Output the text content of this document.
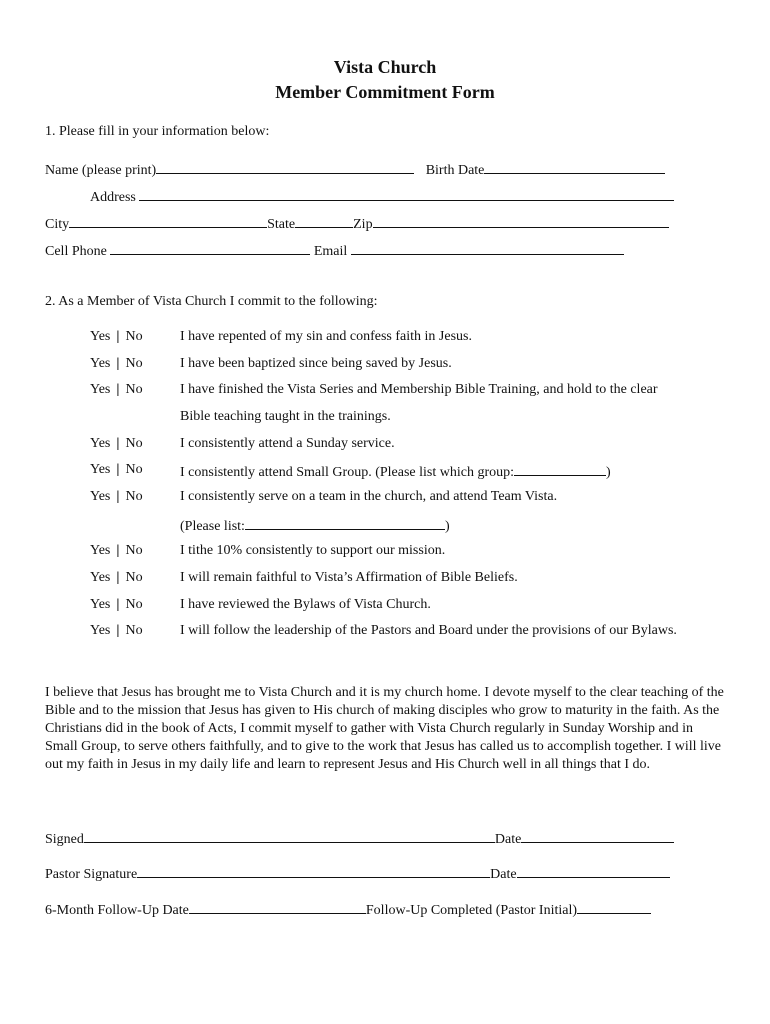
Vista Church
Member Commitment Form
1. Please fill in your information below:
Name (please print)	Birth Date
Address
City	State	Zip
Cell Phone	Email
2. As a Member of Vista Church I commit to the following:
Yes | No	I have repented of my sin and confess faith in Jesus.
Yes | No	I have been baptized since being saved by Jesus.
Yes | No	I have finished the Vista Series and Membership Bible Training, and hold to the clear
Bible teaching taught in the trainings.
Yes | No	I consistently attend a Sunday service.
Yes | No	I consistently attend Small Group. (Please list which group:	)
Yes | No	I consistently serve on a team in the church, and attend Team Vista.
(Please list:	)
Yes | No	I tithe 10% consistently to support our mission.
Yes | No	I will remain faithful to Vista’s Affirmation of Bible Beliefs.
Yes | No	I have reviewed the Bylaws of Vista Church.
Yes | No	I will follow the leadership of the Pastors and Board under the provisions of our Bylaws.
I believe that Jesus has brought me to Vista Church and it is my church home. I devote myself to the clear teaching of the Bible and to the mission that Jesus has given to His church of making disciples who grow to maturity in the faith. As the Christians did in the book of Acts, I commit myself to gather with Vista Church regularly in Sunday Worship and in Small Group, to serve others faithfully, and to give to the work that Jesus has called us to accomplish together. I will live out my faith in Jesus in my daily life and learn to represent Jesus and His Church well in all things that I do.
Signed	Date
Pastor Signature	Date
6-Month Follow-Up Date	Follow-Up Completed (Pastor Initial)
